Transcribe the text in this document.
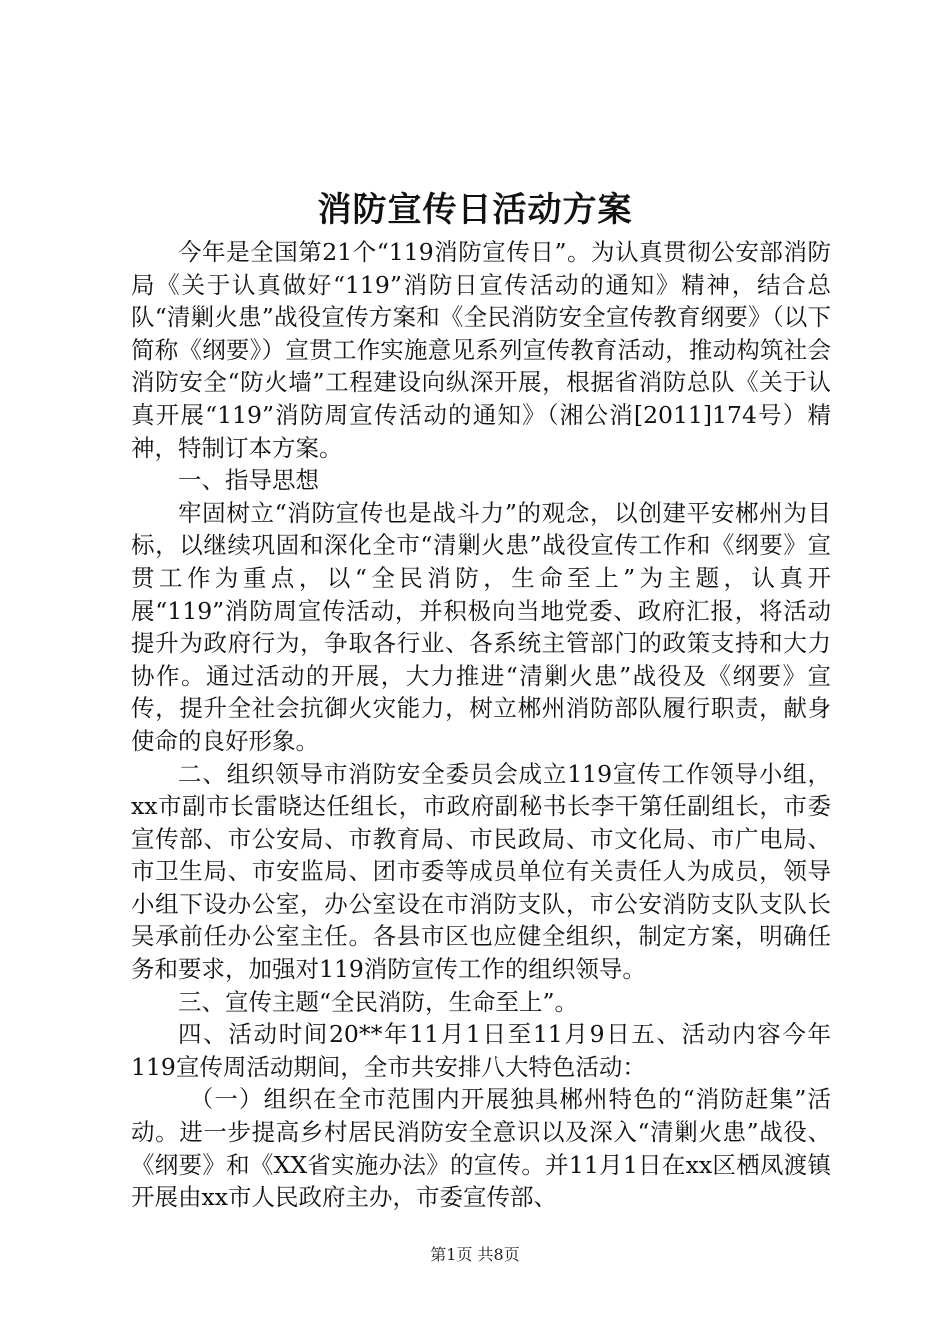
消防宣传日活动方案

今年是全国第21个“119消防宣传日”。为认真贯彻公安部消防局《关于认真做好“119”消防日宣传活动的通知》精神，结合总队“清剿火患”战役宣传方案和《全民消防安全宣传教育纲要》（以下简称《纲要》）宣贯工作实施意见系列宣传教育活动，推动构筑社会消防安全“防火墙”工程建设向纵深开展，根据省消防总队《关于认真开展“119”消防周宣传活动的通知》（湘公消[2011]174号）精神，特制订本方案。

一、指导思想

牢固树立“消防宣传也是战斗力”的观念，以创建平安郴州为目标，以继续巩固和深化全市“清剿火患”战役宣传工作和《纲要》宣贯工作为重点，以“全民消防，生命至上”为主题，认真开展“119”消防周宣传活动，并积极向当地党委、政府汇报，将活动提升为政府行为，争取各行业、各系统主管部门的政策支持和大力协作。通过活动的开展，大力推进“清剿火患”战役及《纲要》宣传，提升全社会抗御火灾能力，树立郴州消防部队履行职责，献身使命的良好形象。

二、组织领导市消防安全委员会成立119宣传工作领导小组，xx市副市长雷晓达任组长，市政府副秘书长李干第任副组长，市委宣传部、市公安局、市教育局、市民政局、市文化局、市广电局、市卫生局、市安监局、团市委等成员单位有关责任人为成员，领导小组下设办公室，办公室设在市消防支队，市公安消防支队支队长吴承前任办公室主任。各县市区也应健全组织，制定方案，明确任务和要求，加强对119消防宣传工作的组织领导。

三、宣传主题“全民消防，生命至上”。

四、活动时间20**年11月1日至11月9日五、活动内容今年119宣传周活动期间，全市共安排八大特色活动：

（一）组织在全市范围内开展独具郴州特色的“消防赶集”活动。进一步提高乡村居民消防安全意识以及深入“清剿火患”战役、《纲要》和《XX省实施办法》的宣传。并11月1日在xx区栖凤渡镇开展由xx市人民政府主办，市委宣传部、

第1页 共8页
